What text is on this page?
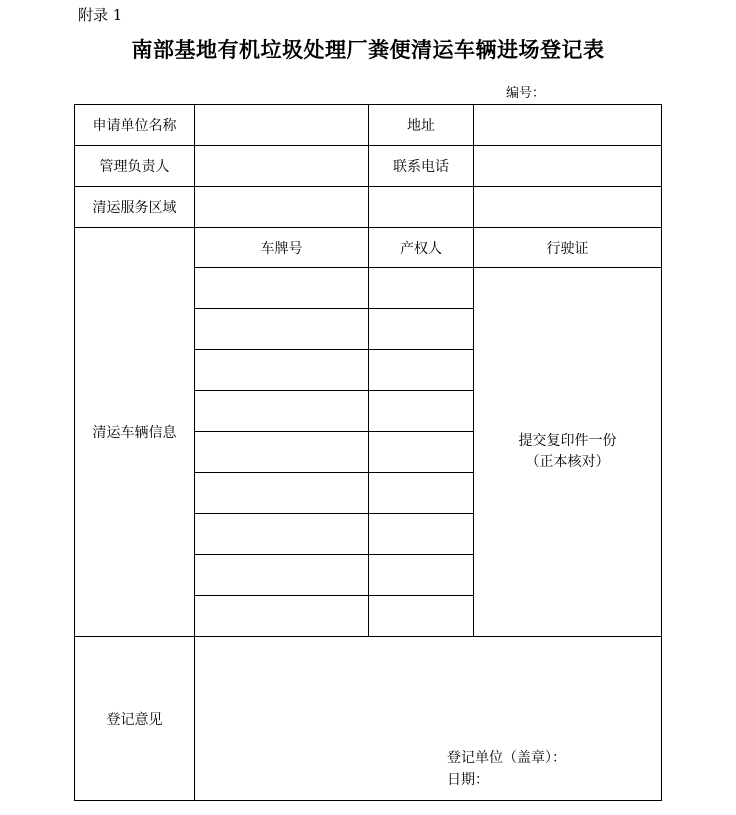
附录 1
南部基地有机垃圾处理厂粪便清运车辆进场登记表
编号：
申请单位名称		地址	
管理负责人		联系电话	
清运服务区域			
清运车辆信息	车牌号	产权人	行驶证

			提交复印件一份
（正本核对）

登记意见	登记单位（盖章）：
日期：		
